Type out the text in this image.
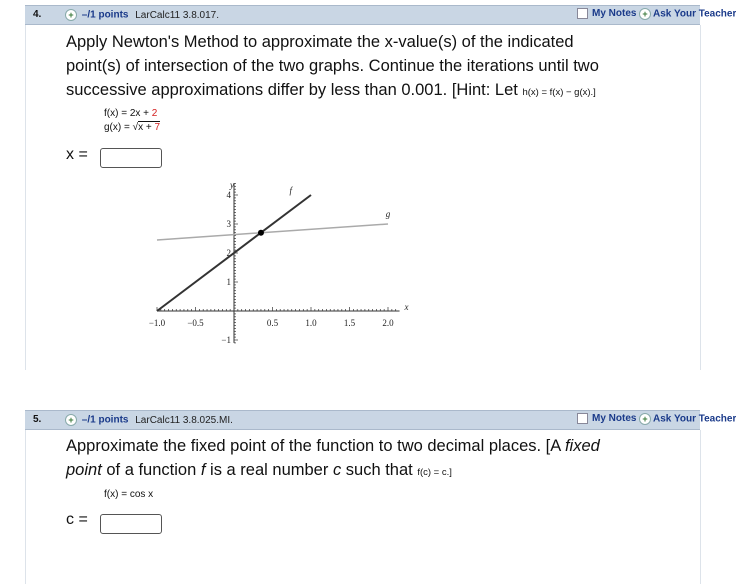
4.	+ –/1 points LarCalc11 3.8.017.	My Notes + Ask Your Teacher
Apply Newton's Method to approximate the x-value(s) of the indicated
point(s) of intersection of the two graphs. Continue the iterations until two
successive approximations differ by less than 0.001. [Hint: Let h(x) = f(x) − g(x).]
f(x) = 2x + 2
g(x) = √x + 7
x =
−1.0 −0.5	0.5	1.0	1.5	2.0
4
3
2
1
−1
y
x
f
g
5.	+ –/1 points LarCalc11 3.8.025.MI.	My Notes + Ask Your Teacher
Approximate the fixed point of the function to two decimal places. [A fixed
point of a function f is a real number c such that f(c) = c.]
f(x) = cos x
c =
